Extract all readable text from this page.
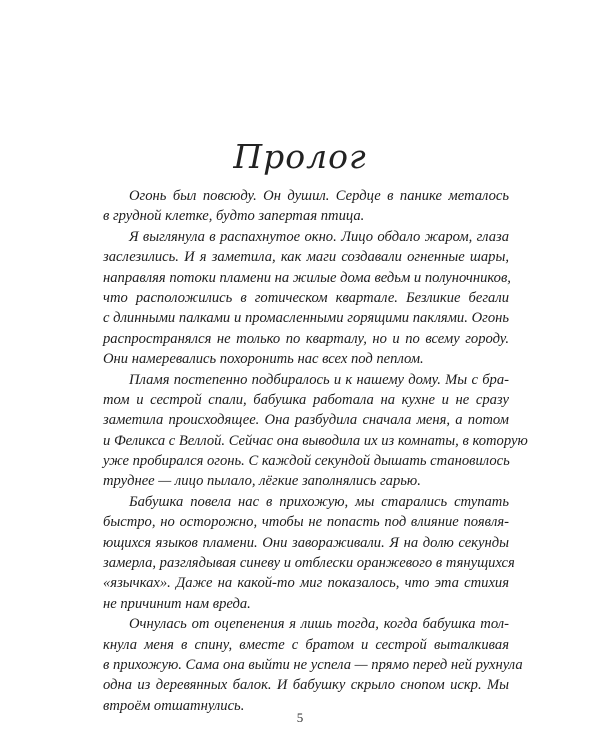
Пролог
Огонь был повсюду. Он душил. Сердце в панике металось
в грудной клетке, будто запертая птица.
Я выглянула в распахнутое окно. Лицо обдало жаром, глаза
заслезились. И я заметила, как маги создавали огненные шары,
направляя потоки пламени на жилые дома ведьм и полуночников,
что расположились в готическом квартале. Безликие бегали
с длинными палками и промасленными горящими паклями. Огонь
распространялся не только по кварталу, но и по всему городу.
Они намеревались похоронить нас всех под пеплом.
Пламя постепенно подбиралось и к нашему дому. Мы с бра-
том и сестрой спали, бабушка работала на кухне и не сразу
заметила происходящее. Она разбудила сначала меня, а потом
и Феликса с Веллой. Сейчас она выводила их из комнаты, в которую
уже пробирался огонь. С каждой секундой дышать становилось
труднее — лицо пылало, лёгкие заполнялись гарью.
Бабушка повела нас в прихожую, мы старались ступать
быстро, но осторожно, чтобы не попасть под влияние появля-
ющихся языков пламени. Они завораживали. Я на долю секунды
замерла, разглядывая синеву и отблески оранжевого в тянущихся
«язычках». Даже на какой-то миг показалось, что эта стихия
не причинит нам вреда.
Очнулась от оцепенения я лишь тогда, когда бабушка тол-
кнула меня в спину, вместе с братом и сестрой выталкивая
в прихожую. Сама она выйти не успела — прямо перед ней рухнула
одна из деревянных балок. И бабушку скрыло снопом искр. Мы
втроём отшатнулись.
5
